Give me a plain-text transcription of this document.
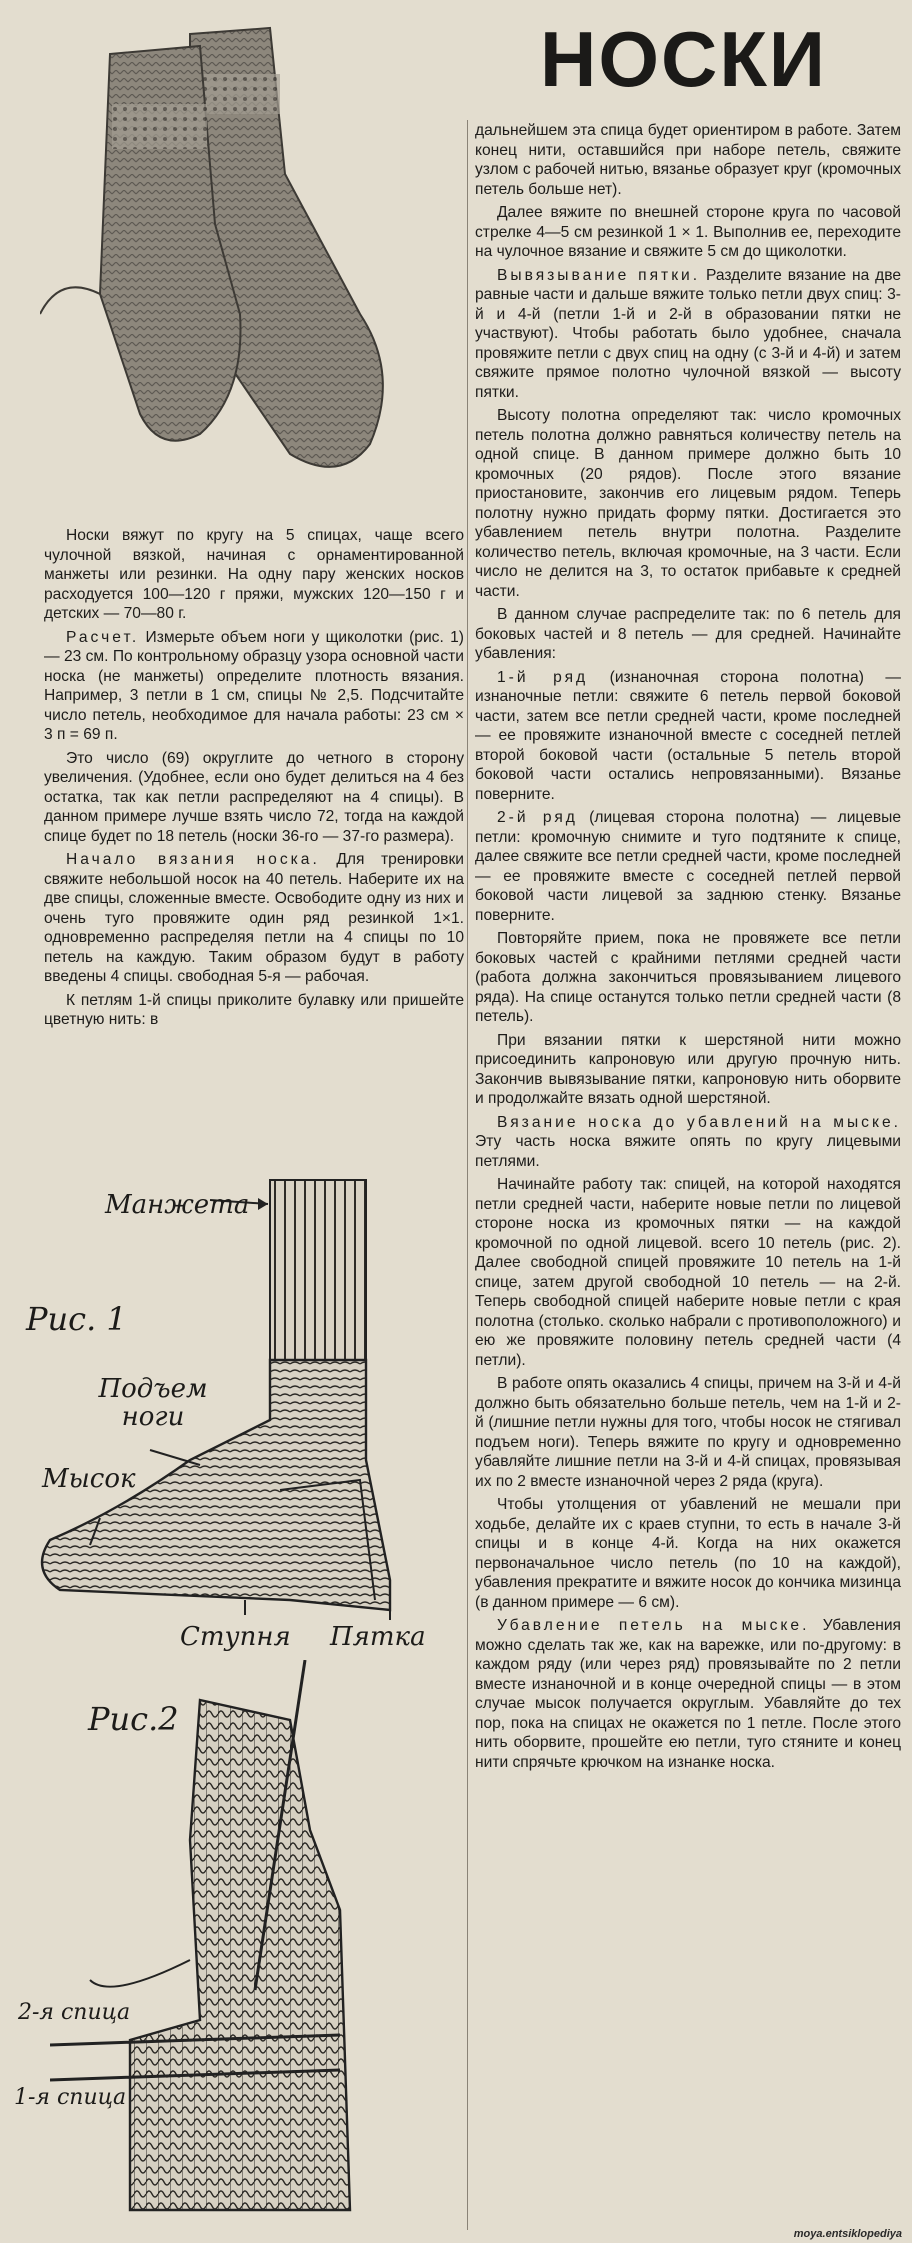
НОСКИ

Носки вяжут по кругу на 5 спицах, чаще всего чулочной вязкой, начиная с орнаментированной манжеты или резинки. На одну пару женских носков расходуется 100—120 г пряжи, мужских 120—150 г и детских — 70—80 г.

Расчет. Измерьте объем ноги у щиколотки (рис. 1) — 23 см. По контрольному образцу узора основной части носка (не манжеты) определите плотность вязания. Например, 3 петли в 1 см, спицы № 2,5. Подсчитайте число петель, необходимое для начала работы: 23 см × 3 п = 69 п.

Это число (69) округлите до четного в сторону увеличения. (Удобнее, если оно будет делиться на 4 без остатка, так как петли распределяют на 4 спицы). В данном примере лучше взять число 72, тогда на каждой спице будет по 18 петель (носки 36-го — 37-го размера).

Начало вязания носка. Для тренировки свяжите небольшой носок на 40 петель. Наберите их на две спицы, сложенные вместе. Освободите одну из них и очень туго провяжите один ряд резинкой 1×1. одновременно распределяя петли на 4 спицы по 10 петель на каждую. Таким образом будут в работу введены 4 спицы. свободная 5-я — рабочая.

К петлям 1-й спицы приколите булавку или пришейте цветную нить: в

Манжета
Рис. 1
Подъем
ноги
Мысок
Ступня Пятка
Рис.2
2-я спица
1-я спица

дальнейшем эта спица будет ориентиром в работе. Затем конец нити, оставшийся при наборе петель, свяжите узлом с рабочей нитью, вязанье образует круг (кромочных петель больше нет).

Далее вяжите по внешней стороне круга по часовой стрелке 4—5 см резинкой 1 × 1. Выполнив ее, переходите на чулочное вязание и свяжите 5 см до щиколотки.

Вывязывание пятки. Разделите вязание на две равные части и дальше вяжите только петли двух спиц: 3-й и 4-й (петли 1-й и 2-й в образовании пятки не участвуют). Чтобы работать было удобнее, сначала провяжите петли с двух спиц на одну (с 3-й и 4-й) и затем свяжите прямое полотно чулочной вязкой — высоту пятки.

Высоту полотна определяют так: число кромочных петель полотна должно равняться количеству петель на одной спице. В данном примере должно быть 10 кромочных (20 рядов). После этого вязание приостановите, закончив его лицевым рядом. Теперь полотну нужно придать форму пятки. Достигается это убавлением петель внутри полотна. Разделите количество петель, включая кромочные, на 3 части. Если число не делится на 3, то остаток прибавьте к средней части.

В данном случае распределите так: по 6 петель для боковых частей и 8 петель — для средней. Начинайте убавления:

1-й ряд (изнаночная сторона полотна) — изнаночные петли: свяжите 6 петель первой боковой части, затем все петли средней части, кроме последней — ее провяжите изнаночной вместе с соседней петлей второй боковой части (остальные 5 петель второй боковой части остались непровязанными). Вязанье поверните.

2-й ряд (лицевая сторона полотна) — лицевые петли: кромочную снимите и туго подтяните к спице, далее свяжите все петли средней части, кроме последней — ее провяжите вместе с соседней петлей первой боковой части лицевой за заднюю стенку. Вязанье поверните.

Повторяйте прием, пока не провяжете все петли боковых частей с крайними петлями средней части (работа должна закончиться провязыванием лицевого ряда). На спице останутся только петли средней части (8 петель).

При вязании пятки к шерстяной нити можно присоединить капроновую или другую прочную нить. Закончив вывязывание пятки, капроновую нить оборвите и продолжайте вязать одной шерстяной.

Вязание носка до убавлений на мыске. Эту часть носка вяжите опять по кругу лицевыми петлями.

Начинайте работу так: спицей, на которой находятся петли средней части, наберите новые петли по лицевой стороне носка из кромочных пятки — на каждой кромочной по одной лицевой. всего 10 петель (рис. 2). Далее свободной спицей провяжите 10 петель на 1-й спице, затем другой свободной 10 петель — на 2-й. Теперь свободной спицей наберите новые петли с края полотна (столько. сколько набрали с противоположного) и ею же провяжите половину петель средней части (4 петли).

В работе опять оказались 4 спицы, причем на 3-й и 4-й должно быть обязательно больше петель, чем на 1-й и 2-й (лишние петли нужны для того, чтобы носок не стягивал подъем ноги). Теперь вяжите по кругу и одновременно убавляйте лишние петли на 3-й и 4-й спицах, провязывая их по 2 вместе изнаночной через 2 ряда (круга).

Чтобы утолщения от убавлений не мешали при ходьбе, делайте их с краев ступни, то есть в начале 3-й спицы и в конце 4-й. Когда на них окажется первоначальное число петель (по 10 на каждой), убавления прекратите и вяжите носок до кончика мизинца (в данном примере — 6 см).

Убавление петель на мыске. Убавления можно сделать так же, как на варежке, или по-другому: в каждом ряду (или через ряд) провязывайте по 2 петли вместе изнаночной и в конце очередной спицы — в этом случае мысок получается округлым. Убавляйте до тех пор, пока на спицах не окажется по 1 петле. После этого нить оборвите, прошейте ею петли, туго стяните и конец нити спрячьте крючком на изнанке носка.

moya.entsiklopediya
